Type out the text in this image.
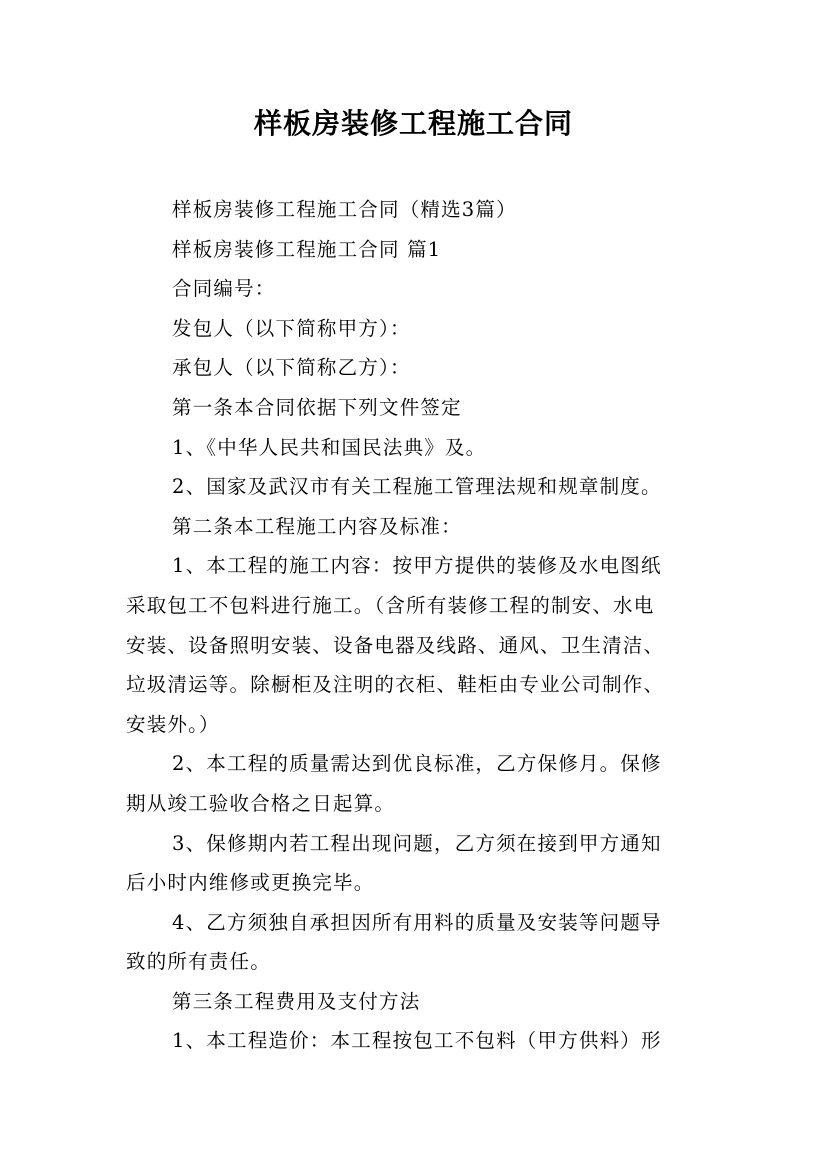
样板房装修工程施工合同
样板房装修工程施工合同（精选3篇）
样板房装修工程施工合同 篇1
合同编号：
发包人（以下简称甲方）：
承包人（以下简称乙方）：
第一条本合同依据下列文件签定
1、《中华人民共和国民法典》及。
2、国家及武汉市有关工程施工管理法规和规章制度。
第二条本工程施工内容及标准：
1、本工程的施工内容：按甲方提供的装修及水电图纸
采取包工不包料进行施工。（含所有装修工程的制安、水电
安装、设备照明安装、设备电器及线路、通风、卫生清洁、
垃圾清运等。除橱柜及注明的衣柜、鞋柜由专业公司制作、
安装外。）
2、本工程的质量需达到优良标准，乙方保修月。保修
期从竣工验收合格之日起算。
3、保修期内若工程出现问题，乙方须在接到甲方通知
后小时内维修或更换完毕。
4、乙方须独自承担因所有用料的质量及安装等问题导
致的所有责任。
第三条工程费用及支付方法
1、本工程造价：本工程按包工不包料（甲方供料）形
